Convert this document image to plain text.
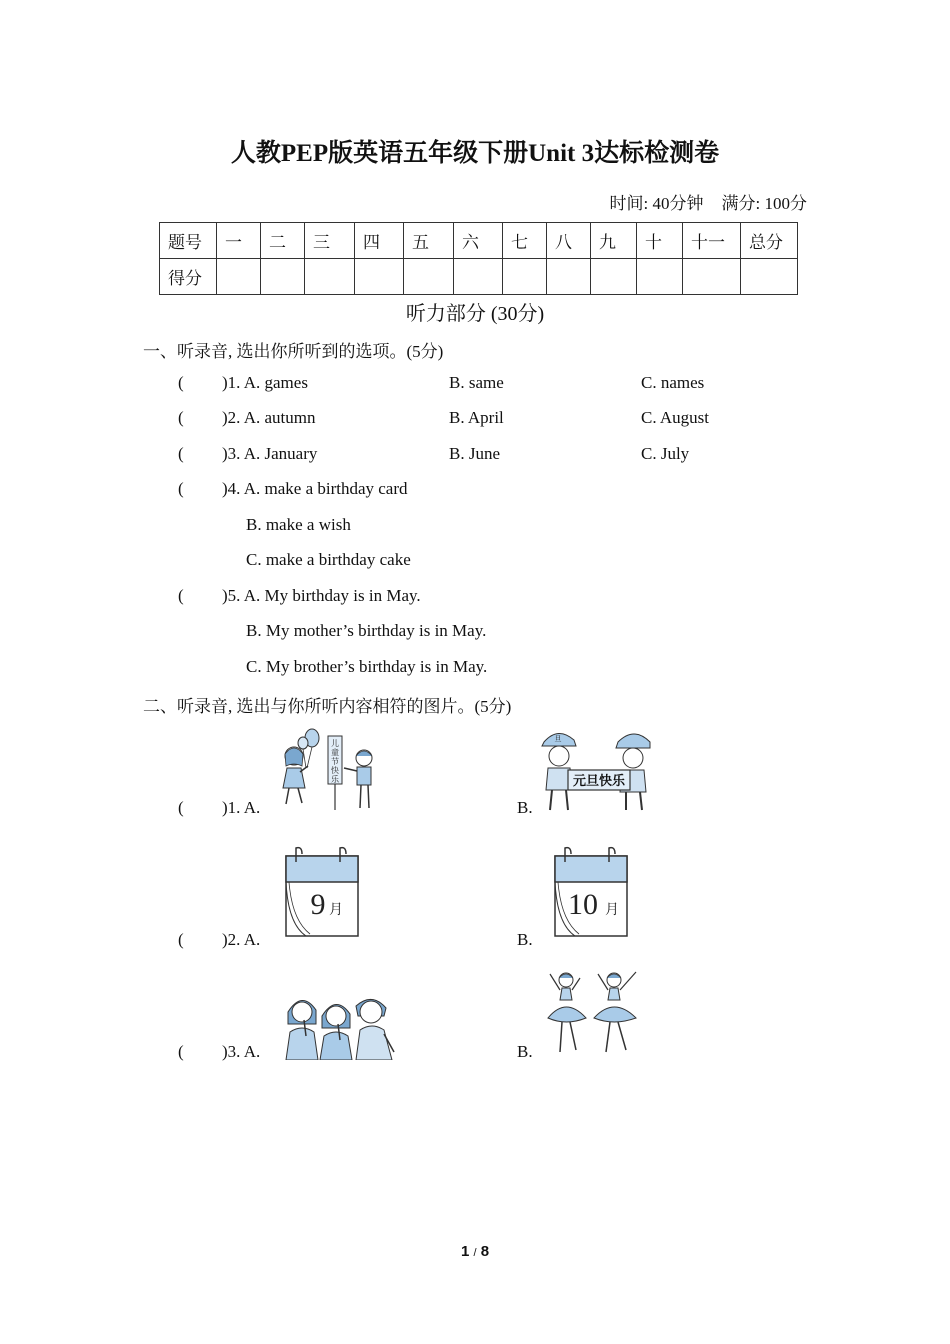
人教PEP版英语五年级下册Unit 3达标检测卷
时间: 40分钟 满分: 100分
题号	一	二	三	四	五	六	七	八	九	十	十一	总分
得分												
听力部分 (30分)
一、听录音, 选出你所听到的选项。(5分)
( )1. A. games	B. same	C. names
( )2. A. autumn	B. April	C. August
( )3. A. January	B. June	C. July
( )4. A. make a birthday card
B. make a wish
C. make a birthday cake
( )5. A. My birthday is in May.
B. My mother’s birthday is in May.
C. My brother’s birthday is in May.
二、听录音, 选出与你所听内容相符的图片。(5分)
( )1. A.	B.
儿
童
节
快
乐
旦
元旦快乐
( )2. A.	B.
9 月	10 月
( )3. A.	B.
1 / 8
